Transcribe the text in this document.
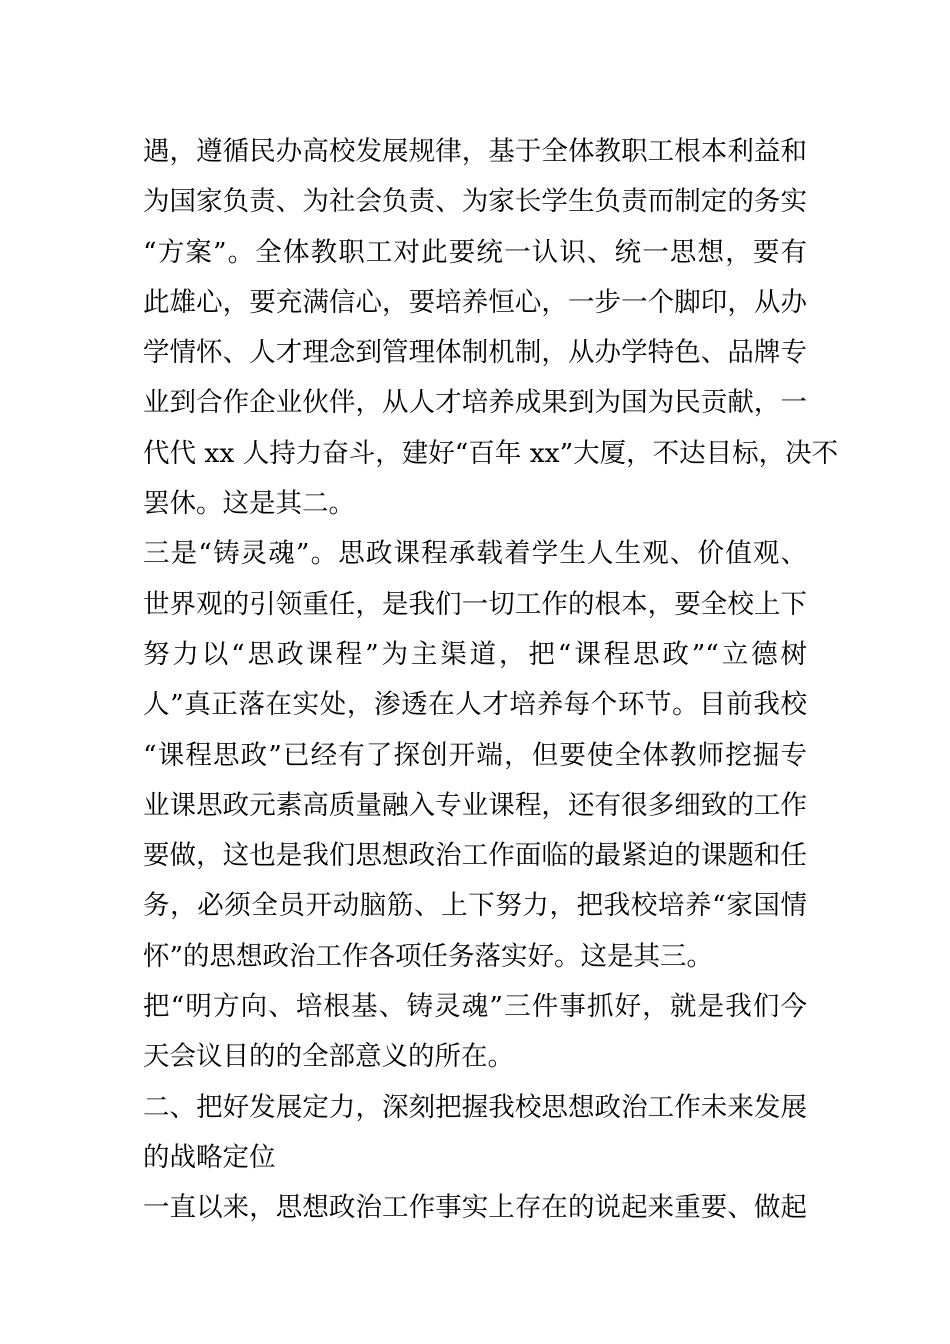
遇，遵循民办高校发展规律，基于全体教职工根本利益和
为国家负责、为社会负责、为家长学生负责而制定的务实
“方案”。全体教职工对此要统一认识、统一思想，要有
此雄心，要充满信心，要培养恒心，一步一个脚印，从办
学情怀、人才理念到管理体制机制，从办学特色、品牌专
业到合作企业伙伴，从人才培养成果到为国为民贡献，一
代代 xx 人持力奋斗，建好“百年 xx”大厦，不达目标，决不
罢休。这是其二。
三是“铸灵魂”。思政课程承载着学生人生观、价值观、
世界观的引领重任，是我们一切工作的根本，要全校上下
努力以“思政课程”为主渠道，把“课程思政”“立德树
人”真正落在实处，渗透在人才培养每个环节。目前我校
“课程思政”已经有了探创开端，但要使全体教师挖掘专
业课思政元素高质量融入专业课程，还有很多细致的工作
要做，这也是我们思想政治工作面临的最紧迫的课题和任
务，必须全员开动脑筋、上下努力，把我校培养“家国情
怀”的思想政治工作各项任务落实好。这是其三。
把“明方向、培根基、铸灵魂”三件事抓好，就是我们今
天会议目的的全部意义的所在。
二、把好发展定力，深刻把握我校思想政治工作未来发展
的战略定位
一直以来，思想政治工作事实上存在的说起来重要、做起
